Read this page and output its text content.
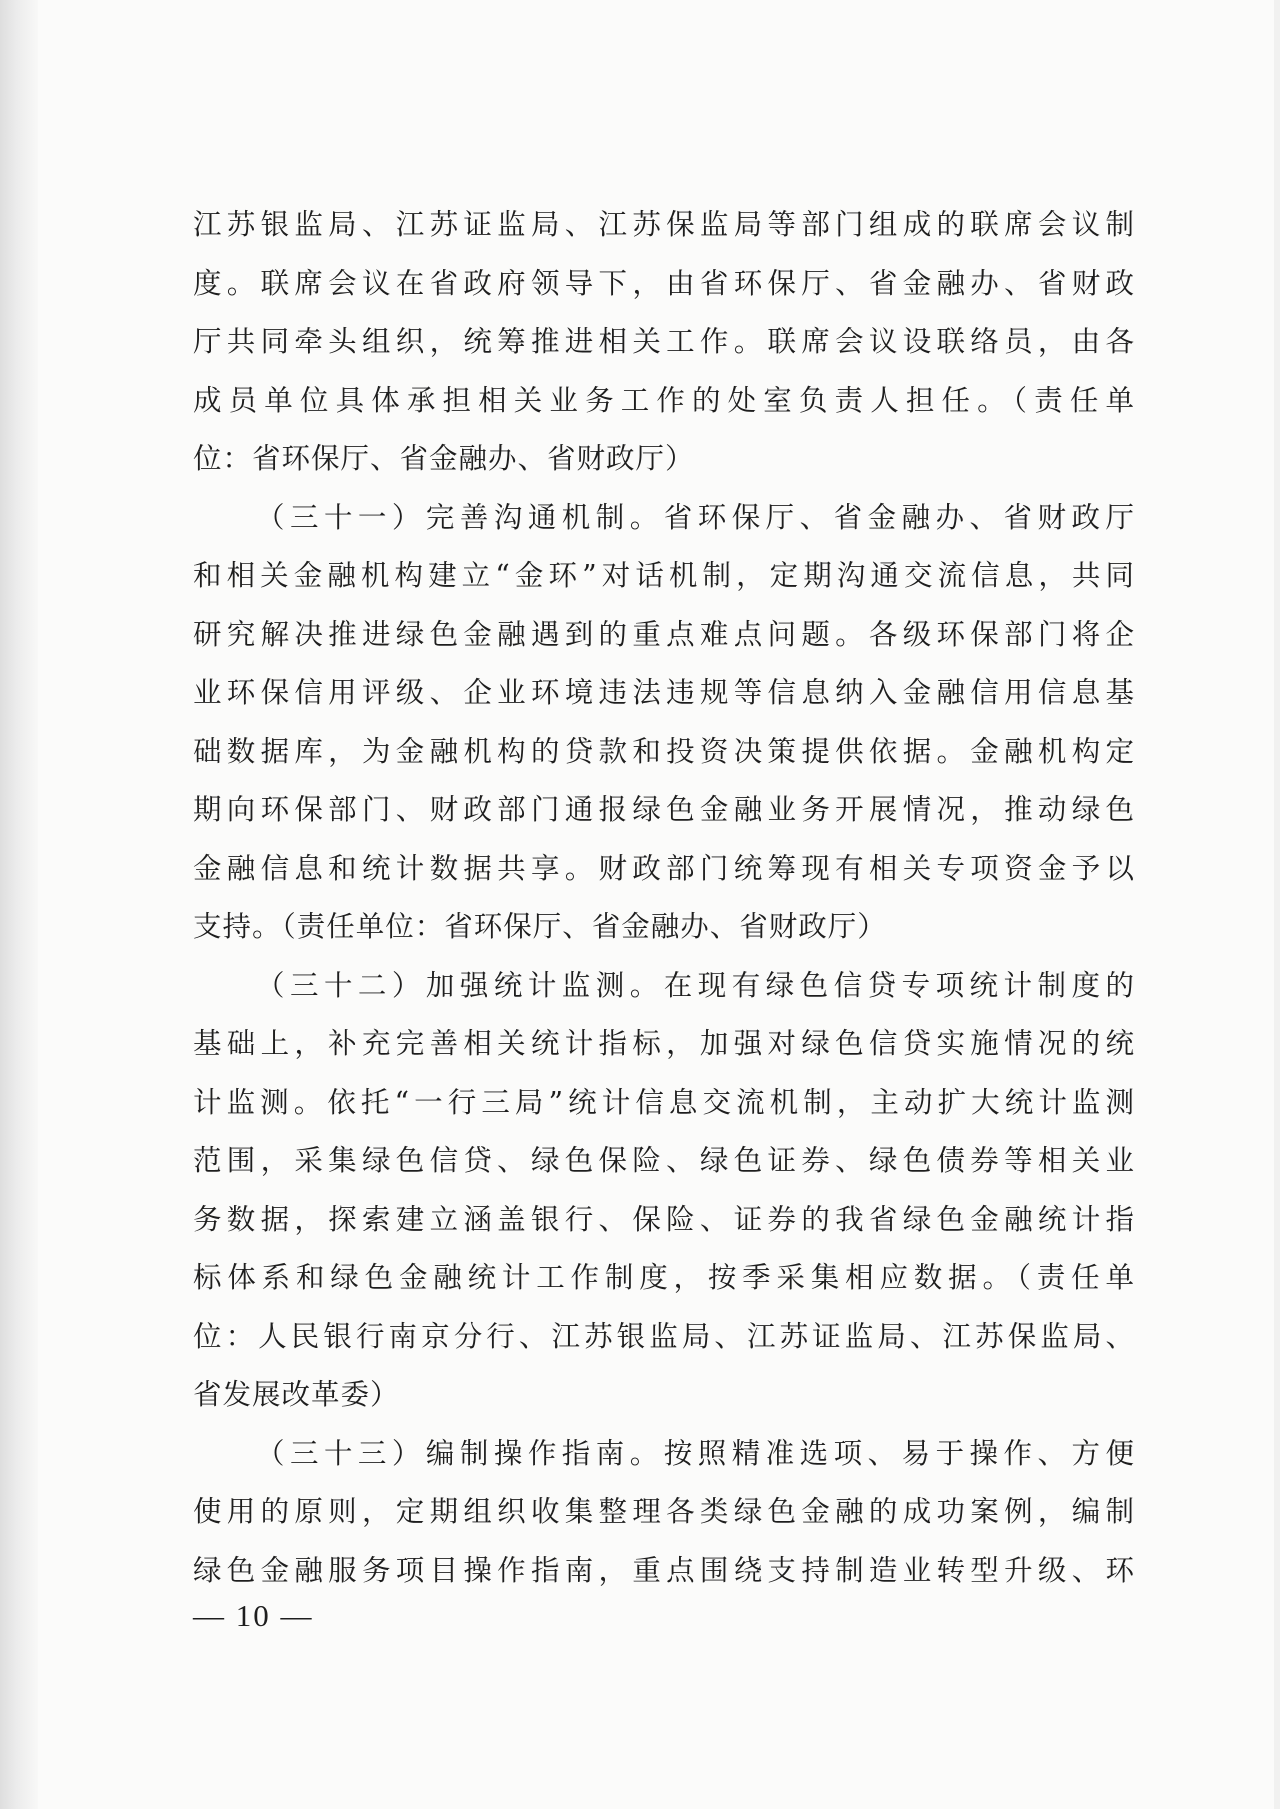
江苏银监局、江苏证监局、江苏保监局等部门组成的联席会议制
度。联席会议在省政府领导下，由省环保厅、省金融办、省财政
厅共同牵头组织，统筹推进相关工作。联席会议设联络员，由各
成员单位具体承担相关业务工作的处室负责人担任。（责任单
位：省环保厅、省金融办、省财政厅）
（三十一）完善沟通机制。省环保厅、省金融办、省财政厅
和相关金融机构建立“金环”对话机制，定期沟通交流信息，共同
研究解决推进绿色金融遇到的重点难点问题。各级环保部门将企
业环保信用评级、企业环境违法违规等信息纳入金融信用信息基
础数据库，为金融机构的贷款和投资决策提供依据。金融机构定
期向环保部门、财政部门通报绿色金融业务开展情况，推动绿色
金融信息和统计数据共享。财政部门统筹现有相关专项资金予以
支持。（责任单位：省环保厅、省金融办、省财政厅）
（三十二）加强统计监测。在现有绿色信贷专项统计制度的
基础上，补充完善相关统计指标，加强对绿色信贷实施情况的统
计监测。依托“一行三局”统计信息交流机制，主动扩大统计监测
范围，采集绿色信贷、绿色保险、绿色证券、绿色债券等相关业
务数据，探索建立涵盖银行、保险、证券的我省绿色金融统计指
标体系和绿色金融统计工作制度，按季采集相应数据。（责任单
位：人民银行南京分行、江苏银监局、江苏证监局、江苏保监局、
省发展改革委）
（三十三）编制操作指南。按照精准选项、易于操作、方便
使用的原则，定期组织收集整理各类绿色金融的成功案例，编制
绿色金融服务项目操作指南，重点围绕支持制造业转型升级、环
— 10 —
